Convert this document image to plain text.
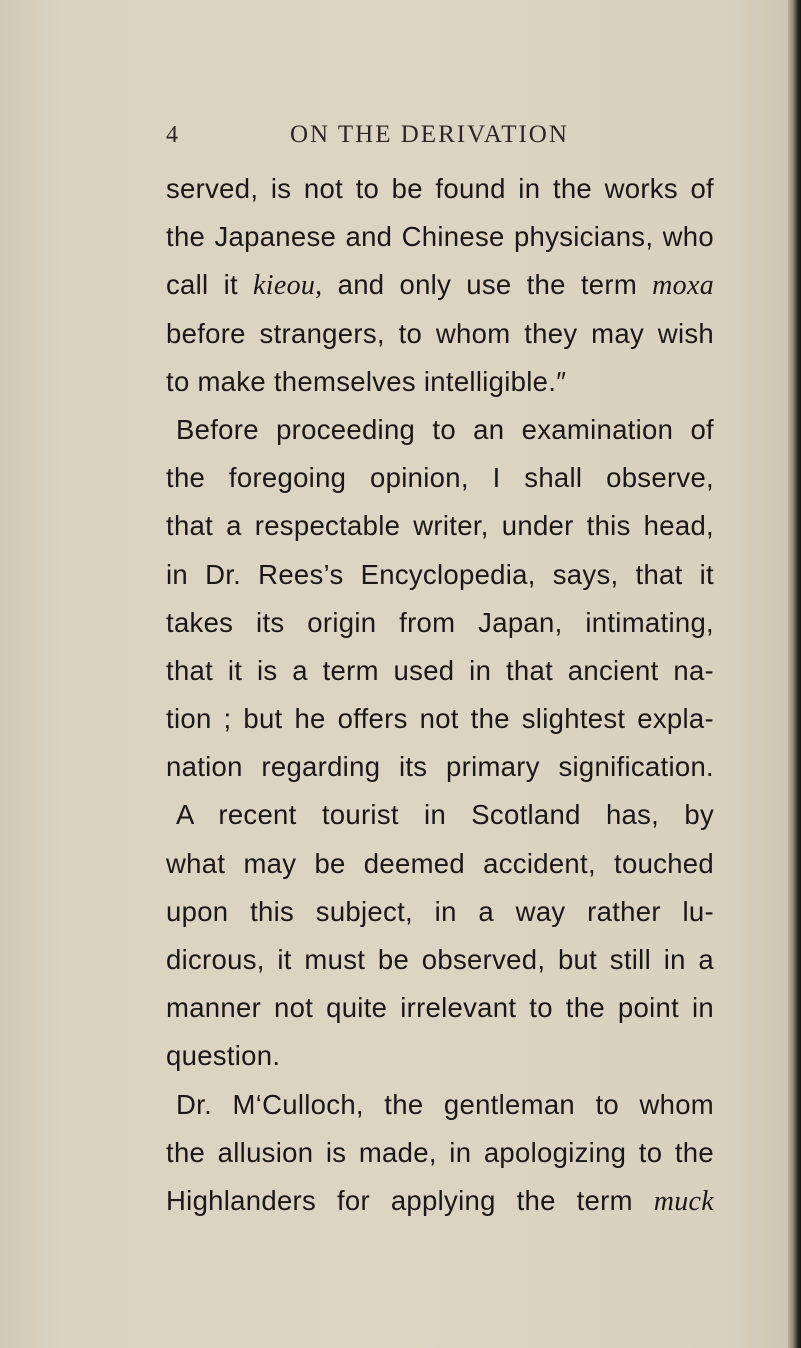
4	ON THE DERIVATION
served, is not to be found in the works of
the Japanese and Chinese physicians, who
call it kieou, and only use the term moxa
before strangers, to whom they may wish
to make themselves intelligible.″
Before proceeding to an examination of
the foregoing opinion, I shall observe,
that a respectable writer, under this head,
in Dr. Rees’s Encyclopedia, says, that it
takes its origin from Japan, intimating,
that it is a term used in that ancient na-
tion ; but he offers not the slightest expla-
nation regarding its primary signification.
A recent tourist in Scotland has, by
what may be deemed accident, touched
upon this subject, in a way rather lu-
dicrous, it must be observed, but still in a
manner not quite irrelevant to the point in
question.
Dr. M‘Culloch, the gentleman to whom
the allusion is made, in apologizing to the
Highlanders for applying the term muck
